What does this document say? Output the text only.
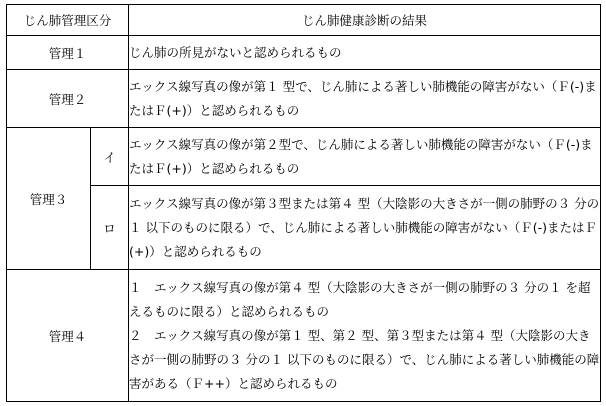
じん肺管理区分		じん肺健康診断の結果
管理１		じん肺の所見がないと認められるもの
管理２		エックス線写真の像が第１ 型で、じん肺による著しい肺機能の障害がない（Ｆ(-)またはＦ(+)）と認められるもの
管理３	イ	エックス線写真の像が第２型で、じん肺による著しい肺機能の障害がない（Ｆ(-)またはＦ(+)）と認められるもの
	ロ	エックス線写真の像が第３型または第４ 型（大陰影の大きさが一側の肺野の３ 分の１ 以下のものに限る）で、じん肺による著しい肺機能の障害がない（Ｆ(-)またはＦ(+)）と認められるもの
管理４		１　エックス線写真の像が第４ 型（大陰影の大きさが一側の肺野の３ 分の１ を超えるものに限る）と認められるもの
２　エックス線写真の像が第１ 型、第２ 型、第３型または第４ 型（大陰影の大きさが一側の肺野の３ 分の１ 以下のものに限る）で、じん肺による著しい肺機能の障害がある（Ｆ++）と認められるもの
